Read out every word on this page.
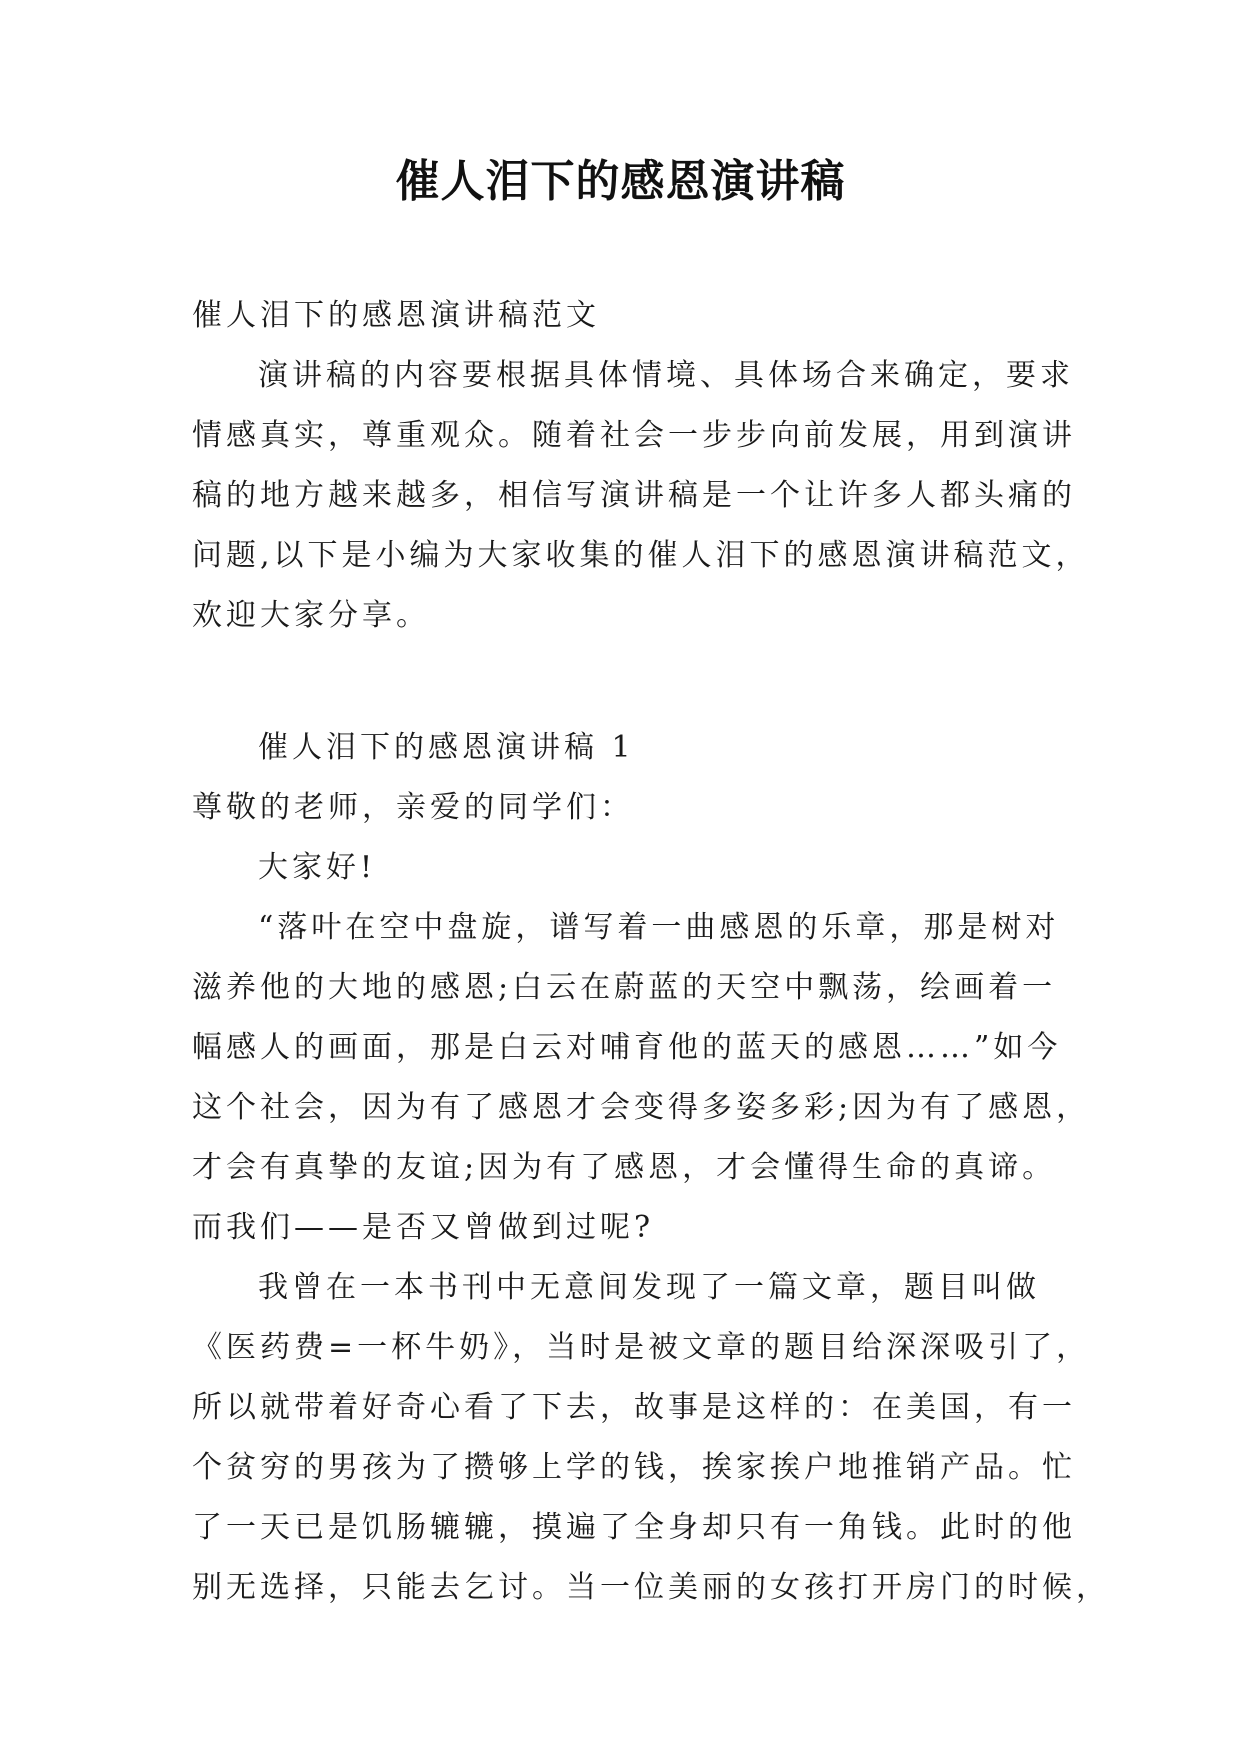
催人泪下的感恩演讲稿
催人泪下的感恩演讲稿范文
演讲稿的内容要根据具体情境、具体场合来确定，要求
情感真实，尊重观众。随着社会一步步向前发展，用到演讲
稿的地方越来越多，相信写演讲稿是一个让许多人都头痛的
问题,以下是小编为大家收集的催人泪下的感恩演讲稿范文，
欢迎大家分享。
催人泪下的感恩演讲稿 1
尊敬的老师，亲爱的同学们：
大家好!
“落叶在空中盘旋，谱写着一曲感恩的乐章，那是树对
滋养他的大地的感恩;白云在蔚蓝的天空中飘荡，绘画着一
幅感人的画面，那是白云对哺育他的蓝天的感恩……”如今
这个社会，因为有了感恩才会变得多姿多彩;因为有了感恩，
才会有真挚的友谊;因为有了感恩，才会懂得生命的真谛。
而我们——是否又曾做到过呢?
我曾在一本书刊中无意间发现了一篇文章，题目叫做
《医药费=一杯牛奶》，当时是被文章的题目给深深吸引了，
所以就带着好奇心看了下去，故事是这样的：在美国，有一
个贫穷的男孩为了攒够上学的钱，挨家挨户地推销产品。忙
了一天已是饥肠辘辘，摸遍了全身却只有一角钱。此时的他
别无选择，只能去乞讨。当一位美丽的女孩打开房门的时候，
